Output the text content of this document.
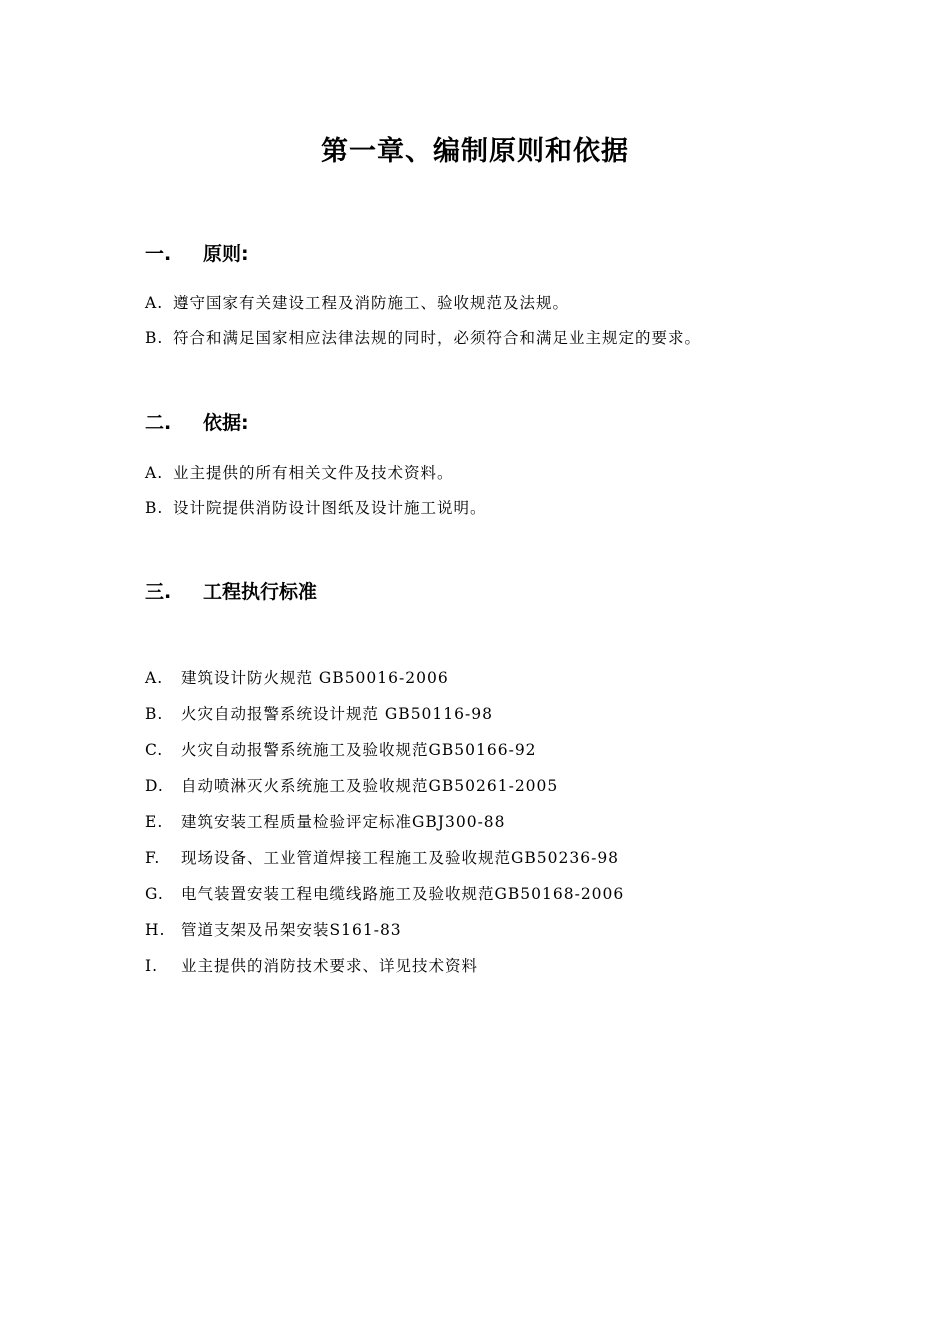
第一章、编制原则和依据
一. 原则:
A. 遵守国家有关建设工程及消防施工、验收规范及法规。
B. 符合和满足国家相应法律法规的同时，必须符合和满足业主规定的要求。
二. 依据:
A. 业主提供的所有相关文件及技术资料。
B. 设计院提供消防设计图纸及设计施工说明。
三. 工程执行标准
A. 建筑设计防火规范 GB50016-2006
B. 火灾自动报警系统设计规范 GB50116-98
C. 火灾自动报警系统施工及验收规范GB50166-92
D. 自动喷淋灭火系统施工及验收规范GB50261-2005
E. 建筑安装工程质量检验评定标准GBJ300-88
F. 现场设备、工业管道焊接工程施工及验收规范GB50236-98
G. 电气装置安装工程电缆线路施工及验收规范GB50168-2006
H. 管道支架及吊架安装S161-83
I. 业主提供的消防技术要求、详见技术资料
